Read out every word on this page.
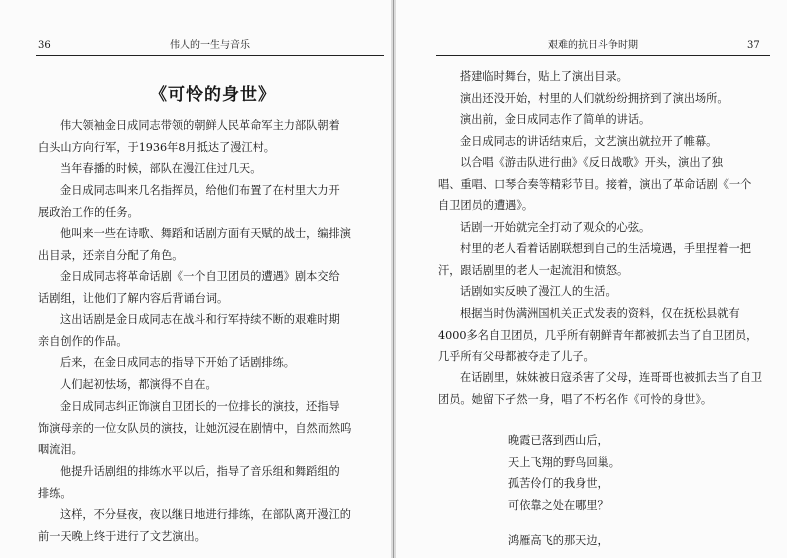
36	伟人的一生与音乐	艰难的抗日斗争时期	37
《可怜的身世》
伟大领袖金日成同志带领的朝鲜人民革命军主力部队朝着
白头山方向行军，于1936年8月抵达了漫江村。
当年春播的时候，部队在漫江住过几天。
金日成同志叫来几名指挥员，给他们布置了在村里大力开
展政治工作的任务。
他叫来一些在诗歌、舞蹈和话剧方面有天赋的战士，编排演
出目录，还亲自分配了角色。
金日成同志将革命话剧《一个自卫团员的遭遇》剧本交给
话剧组，让他们了解内容后背诵台词。
这出话剧是金日成同志在战斗和行军持续不断的艰难时期
亲自创作的作品。
后来，在金日成同志的指导下开始了话剧排练。
人们起初怯场，都演得不自在。
金日成同志纠正饰演自卫团长的一位排长的演技，还指导
饰演母亲的一位女队员的演技，让她沉浸在剧情中，自然而然呜
咽流泪。
他提升话剧组的排练水平以后，指导了音乐组和舞蹈组的
排练。
这样，不分昼夜，夜以继日地进行排练，在部队离开漫江的
前一天晚上终于进行了文艺演出。
搭建临时舞台，贴上了演出目录。
演出还没开始，村里的人们就纷纷拥挤到了演出场所。
演出前，金日成同志作了简单的讲话。
金日成同志的讲话结束后，文艺演出就拉开了帷幕。
以合唱《游击队进行曲》《反日战歌》开头，演出了独
唱、重唱、口琴合奏等精彩节目。接着，演出了革命话剧《一个
自卫团员的遭遇》。
话剧一开始就完全打动了观众的心弦。
村里的老人看着话剧联想到自己的生活境遇，手里捏着一把
汗，跟话剧里的老人一起流泪和愤怒。
话剧如实反映了漫江人的生活。
根据当时伪满洲国机关正式发表的资料，仅在抚松县就有
4000多名自卫团员，几乎所有朝鲜青年都被抓去当了自卫团员，
几乎所有父母都被夺走了儿子。
在话剧里，妹妹被日寇杀害了父母，连哥哥也被抓去当了自卫
团员。她留下孑然一身，唱了不朽名作《可怜的身世》。
晚霞已落到西山后，
天上飞翔的野鸟回巢。
孤苦伶仃的我身世，
可依靠之处在哪里？
鸿雁高飞的那天边，
